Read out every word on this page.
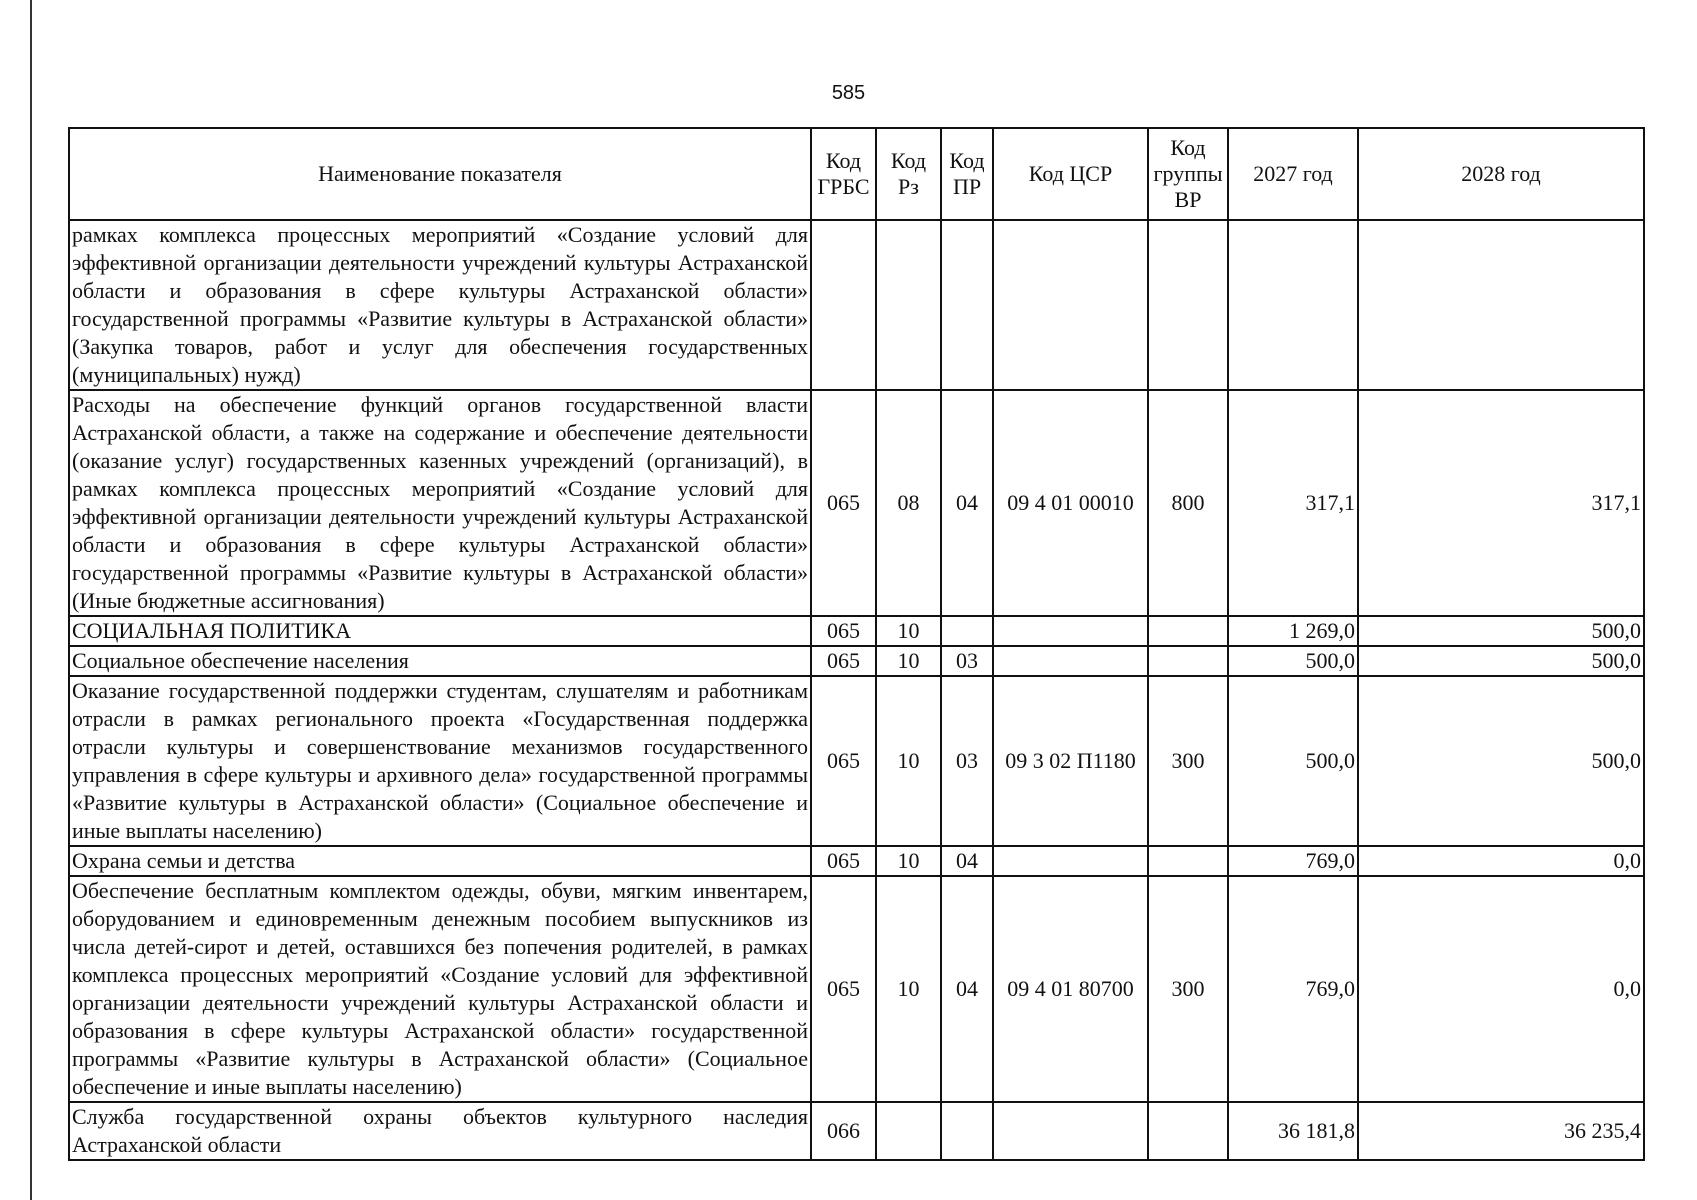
585
Наименование показателя	Код ГРБС	Код Рз	Код ПР	Код ЦСР	Код группы ВР	2027 год	2028 год
рамках комплекса процессных мероприятий «Создание условий для эффективной организации деятельности учреждений культуры Астраханской области и образования в сфере культуры Астраханской области» государственной программы «Развитие культуры в Астраханской области» (Закупка товаров, работ и услуг для обеспечения государственных (муниципальных) нужд)							
Расходы на обеспечение функций органов государственной власти Астраханской области, а также на содержание и обеспечение деятельности (оказание услуг) государственных казенных учреждений (организаций), в рамках комплекса процессных мероприятий «Создание условий для эффективной организации деятельности учреждений культуры Астраханской области и образования в сфере культуры Астраханской области» государственной программы «Развитие культуры в Астраханской области» (Иные бюджетные ассигнования)	065	08	04	09 4 01 00010	800	317,1	317,1
СОЦИАЛЬНАЯ ПОЛИТИКА	065	10				1 269,0	500,0
Социальное обеспечение населения	065	10	03			500,0	500,0
Оказание государственной поддержки студентам, слушателям и работникам отрасли в рамках регионального проекта «Государственная поддержка отрасли культуры и совершенствование механизмов государственного управления в сфере культуры и архивного дела» государственной программы «Развитие культуры в Астраханской области» (Социальное обеспечение и иные выплаты населению)	065	10	03	09 3 02 П1180	300	500,0	500,0
Охрана семьи и детства	065	10	04			769,0	0,0
Обеспечение бесплатным комплектом одежды, обуви, мягким инвентарем, оборудованием и единовременным денежным пособием выпускников из числа детей-сирот и детей, оставшихся без попечения родителей, в рамках комплекса процессных мероприятий «Создание условий для эффективной организации деятельности учреждений культуры Астраханской области и образования в сфере культуры Астраханской области» государственной программы «Развитие культуры в Астраханской области» (Социальное обеспечение и иные выплаты населению)	065	10	04	09 4 01 80700	300	769,0	0,0
Служба государственной охраны объектов культурного наследия Астраханской области	066					36 181,8	36 235,4
